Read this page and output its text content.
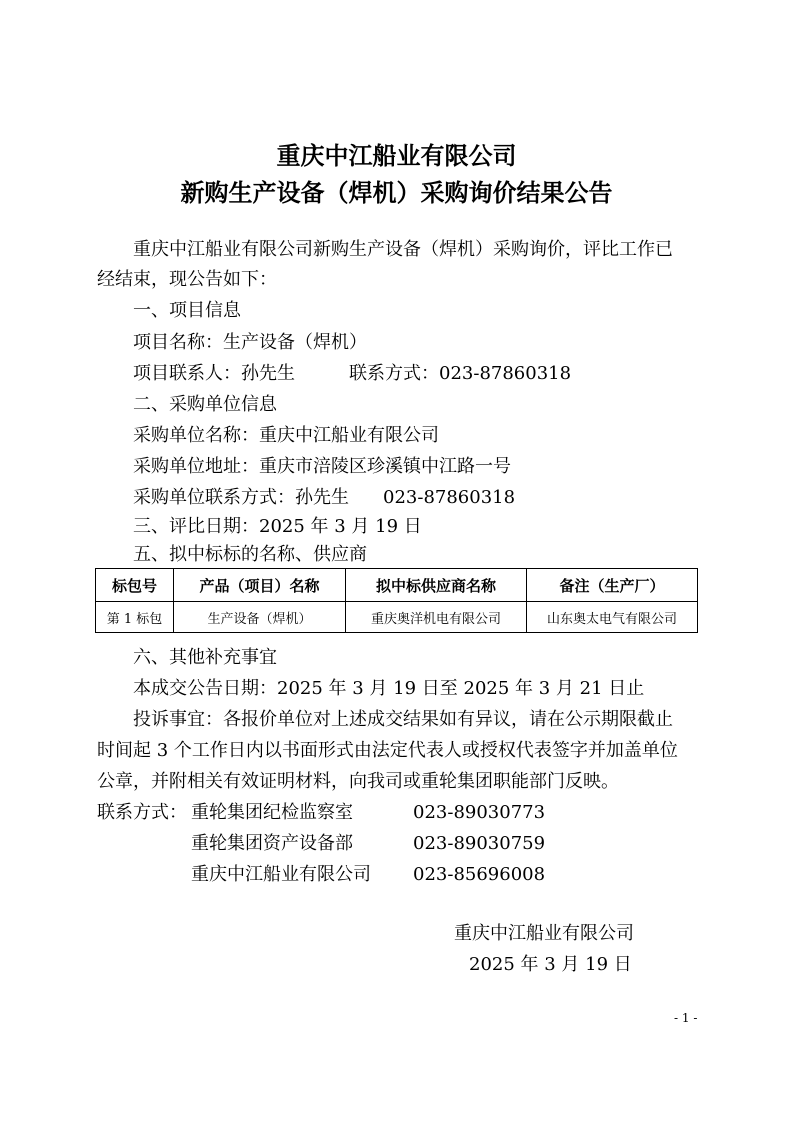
重庆中江船业有限公司
新购生产设备（焊机）采购询价结果公告
重庆中江船业有限公司新购生产设备（焊机）采购询价，评比工作已
经结束，现公告如下：
一、项目信息
项目名称：生产设备（焊机）
项目联系人：孙先生	联系方式：023-87860318
二、采购单位信息
采购单位名称：重庆中江船业有限公司
采购单位地址：重庆市涪陵区珍溪镇中江路一号
采购单位联系方式：孙先生 023-87860318
三、评比日期：2025 年 3 月 19 日
五、拟中标标的名称、供应商
标包号	产品（项目）名称	拟中标供应商名称	备注（生产厂）
第 1 标包	生产设备（焊机）	重庆奥洋机电有限公司	山东奥太电气有限公司
六、其他补充事宜
本成交公告日期：2025 年 3 月 19 日至 2025 年 3 月 21 日止
投诉事宜：各报价单位对上述成交结果如有异议，请在公示期限截止
时间起 3 个工作日内以书面形式由法定代表人或授权代表签字并加盖单位
公章，并附相关有效证明材料，向我司或重轮集团职能部门反映。
联系方式： 重轮集团纪检监察室	023-89030773
重轮集团资产设备部	023-89030759
重庆中江船业有限公司 023-85696008
重庆中江船业有限公司
2025 年 3 月 19 日
- 1 -
